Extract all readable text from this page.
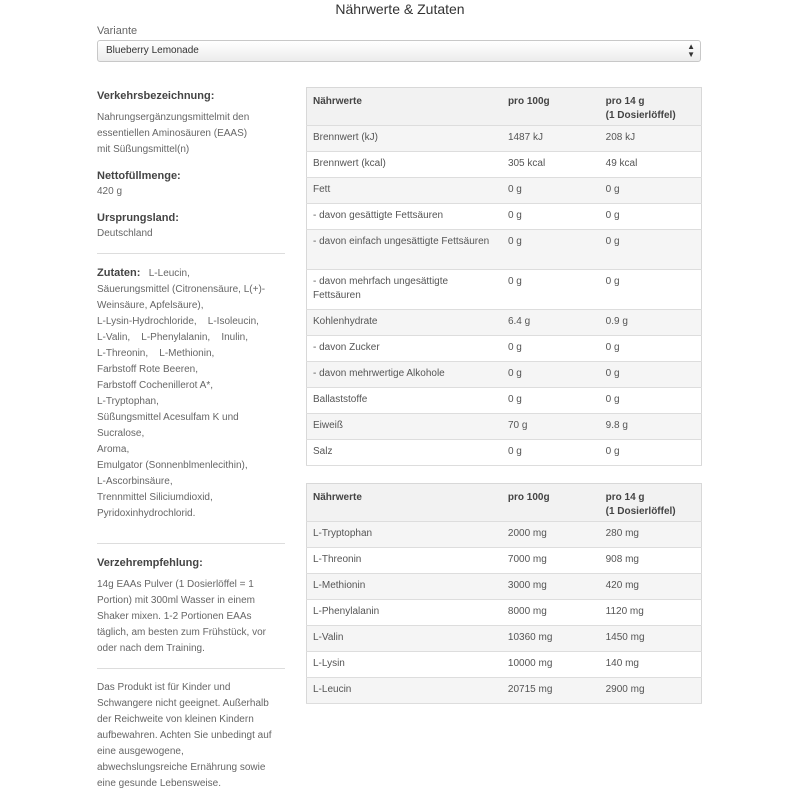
Nährwerte & Zutaten
Variante
Blueberry Lemonade	▲
▼
Verkehrsbezeichnung:
Nahrungsergänzungsmittelmit den
essentiellen Aminosäuren (EAAS)
mit Süßungsmittel(n)
Nettofüllmenge:
420 g
Ursprungsland:
Deutschland
Zutaten: L-Leucin,
Säuerungsmittel (Citronensäure, L(+)-
Weinsäure, Apfelsäure),
L-Lysin-Hydrochloride,    L-Isoleucin,
L-Valin,    L-Phenylalanin,    Inulin,
L-Threonin,    L-Methionin,
Farbstoff Rote Beeren,
Farbstoff Cochenillerot A*,
L-Tryptophan,
Süßungsmittel Acesulfam K und
Sucralose,
Aroma,
Emulgator (Sonnenblmenlecithin),
L-Ascorbinsäure,
Trennmittel Siliciumdioxid,
Pyridoxinhydrochlorid.
Verzehrempfehlung:
14g EAAs Pulver (1 Dosierlöffel = 1
Portion) mit 300ml Wasser in einem
Shaker mixen. 1-2 Portionen EAAs
täglich, am besten zum Frühstück, vor
oder nach dem Training.
Das Produkt ist für Kinder und
Schwangere nicht geeignet. Außerhalb
der Reichweite von kleinen Kindern
aufbewahren. Achten Sie unbedingt auf
eine ausgewogene,
abwechslungsreiche Ernährung sowie
eine gesunde Lebensweise.
Nährwerte	pro 100g	pro 14 g
(1 Dosierlöffel)
Brennwert (kJ)	1487 kJ	208 kJ
Brennwert (kcal)	305 kcal	49 kcal
Fett	0 g	0 g
- davon gesättigte Fettsäuren	0 g	0 g
- davon einfach ungesättigte Fettsäuren	0 g	0 g
- davon mehrfach ungesättigte Fettsäuren	0 g	0 g
Kohlenhydrate	6.4 g	0.9 g
- davon Zucker	0 g	0 g
- davon mehrwertige Alkohole	0 g	0 g
Ballaststoffe	0 g	0 g
Eiweiß	70 g	9.8 g
Salz	0 g	0 g
Nährwerte	pro 100g	pro 14 g
(1 Dosierlöffel)
L-Tryptophan	2000 mg	280 mg
L-Threonin	7000 mg	908 mg
L-Methionin	3000 mg	420 mg
L-Phenylalanin	8000 mg	1120 mg
L-Valin	10360 mg	1450 mg
L-Lysin	10000 mg	140 mg
L-Leucin	20715 mg	2900 mg
